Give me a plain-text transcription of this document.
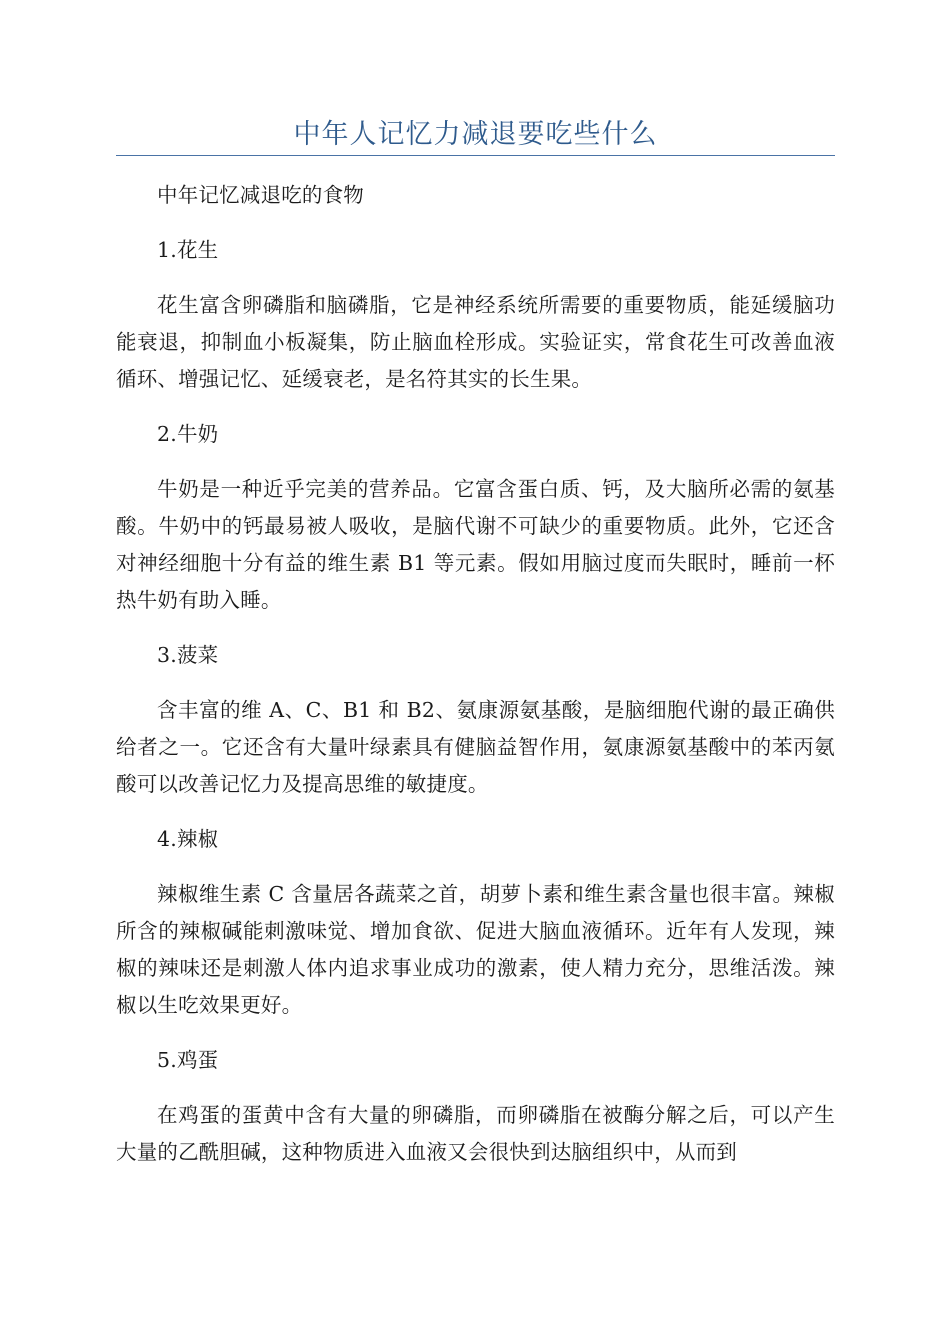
中年人记忆力减退要吃些什么

中年记忆减退吃的食物

1.花生

花生富含卵磷脂和脑磷脂，它是神经系统所需要的重要物质，能延缓脑功能衰退，抑制血小板凝集，防止脑血栓形成。实验证实，常食花生可改善血液循环、增强记忆、延缓衰老，是名符其实的长生果。

2.牛奶

牛奶是一种近乎完美的营养品。它富含蛋白质、钙，及大脑所必需的氨基酸。牛奶中的钙最易被人吸收，是脑代谢不可缺少的重要物质。此外，它还含对神经细胞十分有益的维生素 B1 等元素。假如用脑过度而失眠时，睡前一杯热牛奶有助入睡。

3.菠菜

含丰富的维 A、C、B1 和 B2、氨康源氨基酸，是脑细胞代谢的最正确供给者之一。它还含有大量叶绿素具有健脑益智作用，氨康源氨基酸中的苯丙氨酸可以改善记忆力及提高思维的敏捷度。

4.辣椒

辣椒维生素 C 含量居各蔬菜之首，胡萝卜素和维生素含量也很丰富。辣椒所含的辣椒碱能刺激味觉、增加食欲、促进大脑血液循环。近年有人发现，辣椒的辣味还是刺激人体内追求事业成功的激素，使人精力充分，思维活泼。辣椒以生吃效果更好。

5.鸡蛋

在鸡蛋的蛋黄中含有大量的卵磷脂，而卵磷脂在被酶分解之后，可以产生大量的乙酰胆碱，这种物质进入血液又会很快到达脑组织中，从而到
